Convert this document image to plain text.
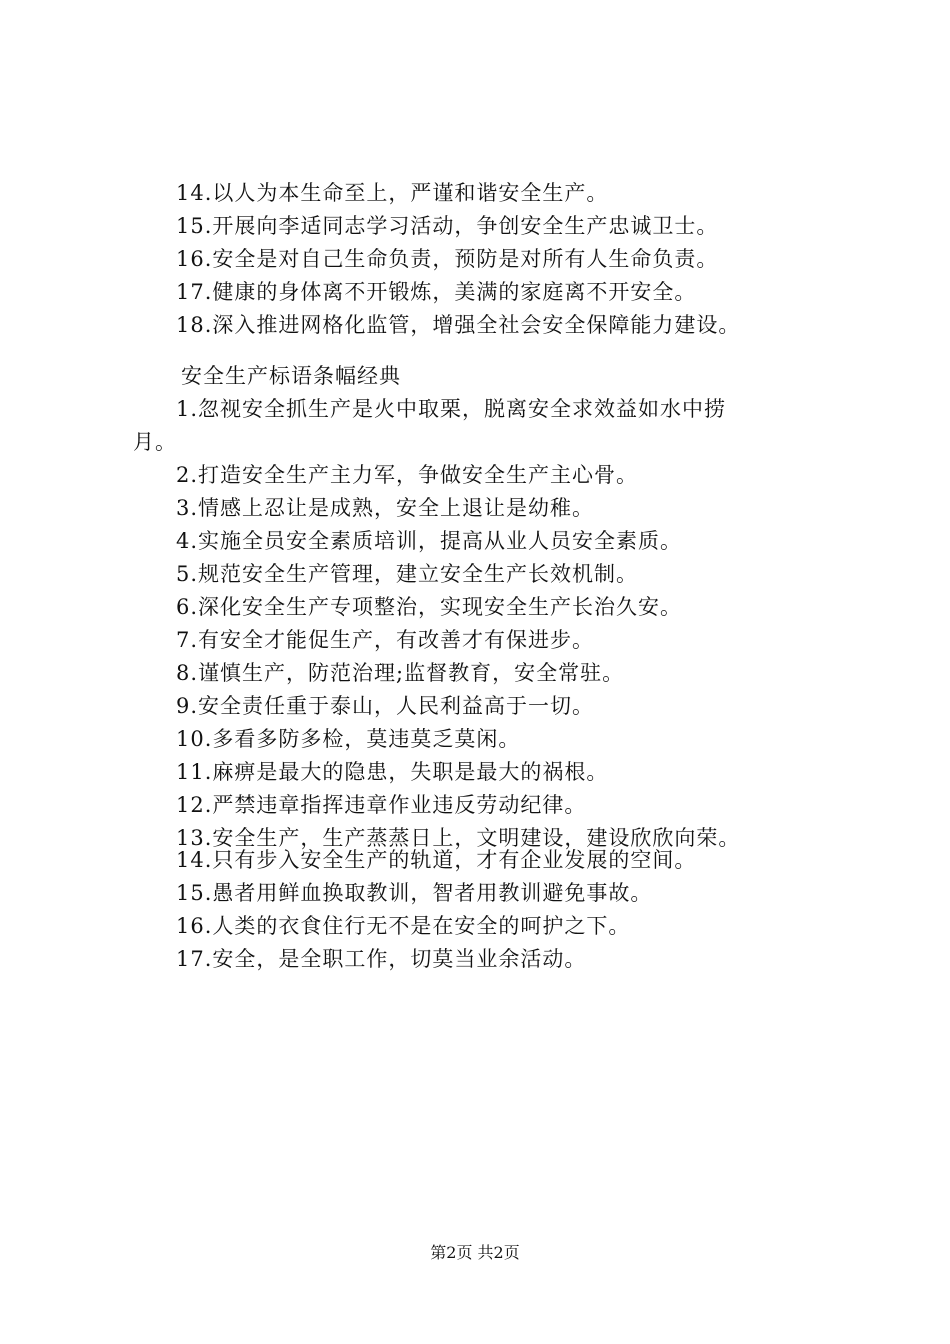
14.以人为本生命至上，严谨和谐安全生产。
15.开展向李适同志学习活动，争创安全生产忠诚卫士。
16.安全是对自己生命负责，预防是对所有人生命负责。
17.健康的身体离不开锻炼，美满的家庭离不开安全。
18.深入推进网格化监管，增强全社会安全保障能力建设。
安全生产标语条幅经典
1.忽视安全抓生产是火中取栗，脱离安全求效益如水中捞
月。
2.打造安全生产主力军，争做安全生产主心骨。
3.情感上忍让是成熟，安全上退让是幼稚。
4.实施全员安全素质培训，提高从业人员安全素质。
5.规范安全生产管理，建立安全生产长效机制。
6.深化安全生产专项整治，实现安全生产长治久安。
7.有安全才能促生产，有改善才有保进步。
8.谨慎生产，防范治理;监督教育，安全常驻。
9.安全责任重于泰山，人民利益高于一切。
10.多看多防多检，莫违莫乏莫闲。
11.麻痹是最大的隐患，失职是最大的祸根。
12.严禁违章指挥违章作业违反劳动纪律。
13.安全生产，生产蒸蒸日上，文明建设，建设欣欣向荣。
14.只有步入安全生产的轨道，才有企业发展的空间。
15.愚者用鲜血换取教训，智者用教训避免事故。
16.人类的衣食住行无不是在安全的呵护之下。
17.安全，是全职工作，切莫当业余活动。
第2页 共2页
